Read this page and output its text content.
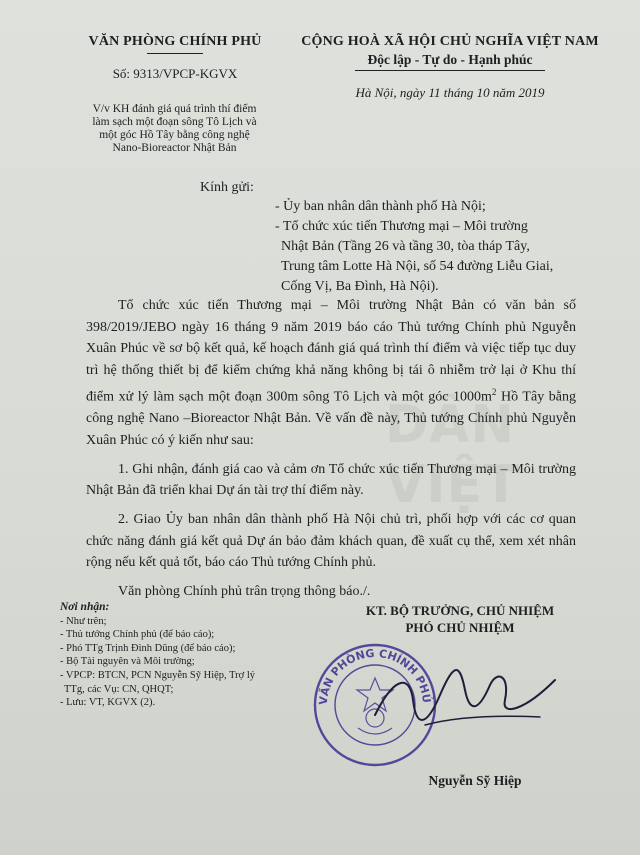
VĂN PHÒNG CHÍNH PHỦ
Số: 9313/VPCP-KGVX
CỘNG HOÀ XÃ HỘI CHỦ NGHĨA VIỆT NAM
Độc lập - Tự do - Hạnh phúc
Hà Nội, ngày 11 tháng 10 năm 2019
V/v KH đánh giá quá trình thí điểm
làm sạch một đoạn sông Tô Lịch và
một góc Hồ Tây bằng công nghệ
Nano-Bioreactor Nhật Bản
Kính gửi:
- Ủy ban nhân dân thành phố Hà Nội;
- Tổ chức xúc tiến Thương mại – Môi trường
Nhật Bản (Tầng 26 và tầng 30, tòa tháp Tây,
Trung tâm Lotte Hà Nội, số 54 đường Liễu Giai,
Cống Vị, Ba Đình, Hà Nội).
DÂN VIỆT

Tổ chức xúc tiến Thương mại – Môi trường Nhật Bản có văn bản số 398/2019/JEBO ngày 16 tháng 9 năm 2019 báo cáo Thủ tướng Chính phủ Nguyễn Xuân Phúc về sơ bộ kết quả, kế hoạch đánh giá quá trình thí điểm và việc tiếp tục duy trì hệ thống thiết bị để kiểm chứng khả năng không bị tái ô nhiễm trở lại ở Khu thí điểm xử lý làm sạch một đoạn 300m sông Tô Lịch và một góc $1000m^2$ Hồ Tây bằng công nghệ Nano –Bioreactor Nhật Bản. Về vấn đề này, Thủ tướng Chính phủ Nguyễn Xuân Phúc có ý kiến như sau:

1. Ghi nhận, đánh giá cao và cảm ơn Tổ chức xúc tiến Thương mại – Môi trường Nhật Bản đã triển khai Dự án tài trợ thí điểm này.

2. Giao Ủy ban nhân dân thành phố Hà Nội chủ trì, phối hợp với các cơ quan chức năng đánh giá kết quả Dự án bảo đảm khách quan, đề xuất cụ thể, xem xét nhân rộng nếu kết quả tốt, báo cáo Thủ tướng Chính phủ.

Văn phòng Chính phủ trân trọng thông báo./.

Nơi nhận:
- Như trên;
- Thủ tướng Chính phủ (để báo cáo);
- Phó TTg Trịnh Đình Dũng (để báo cáo);
- Bộ Tài nguyên và Môi trường;
- VPCP: BTCN, PCN Nguyễn Sỹ Hiệp, Trợ lý
TTg, các Vụ: CN, QHQT;
- Lưu: VT, KGVX (2).
KT. BỘ TRƯỞNG, CHỦ NHIỆM
PHÓ CHỦ NHIỆM
VĂN PHÒNG CHÍNH PHỦ
Nguyễn Sỹ Hiệp
